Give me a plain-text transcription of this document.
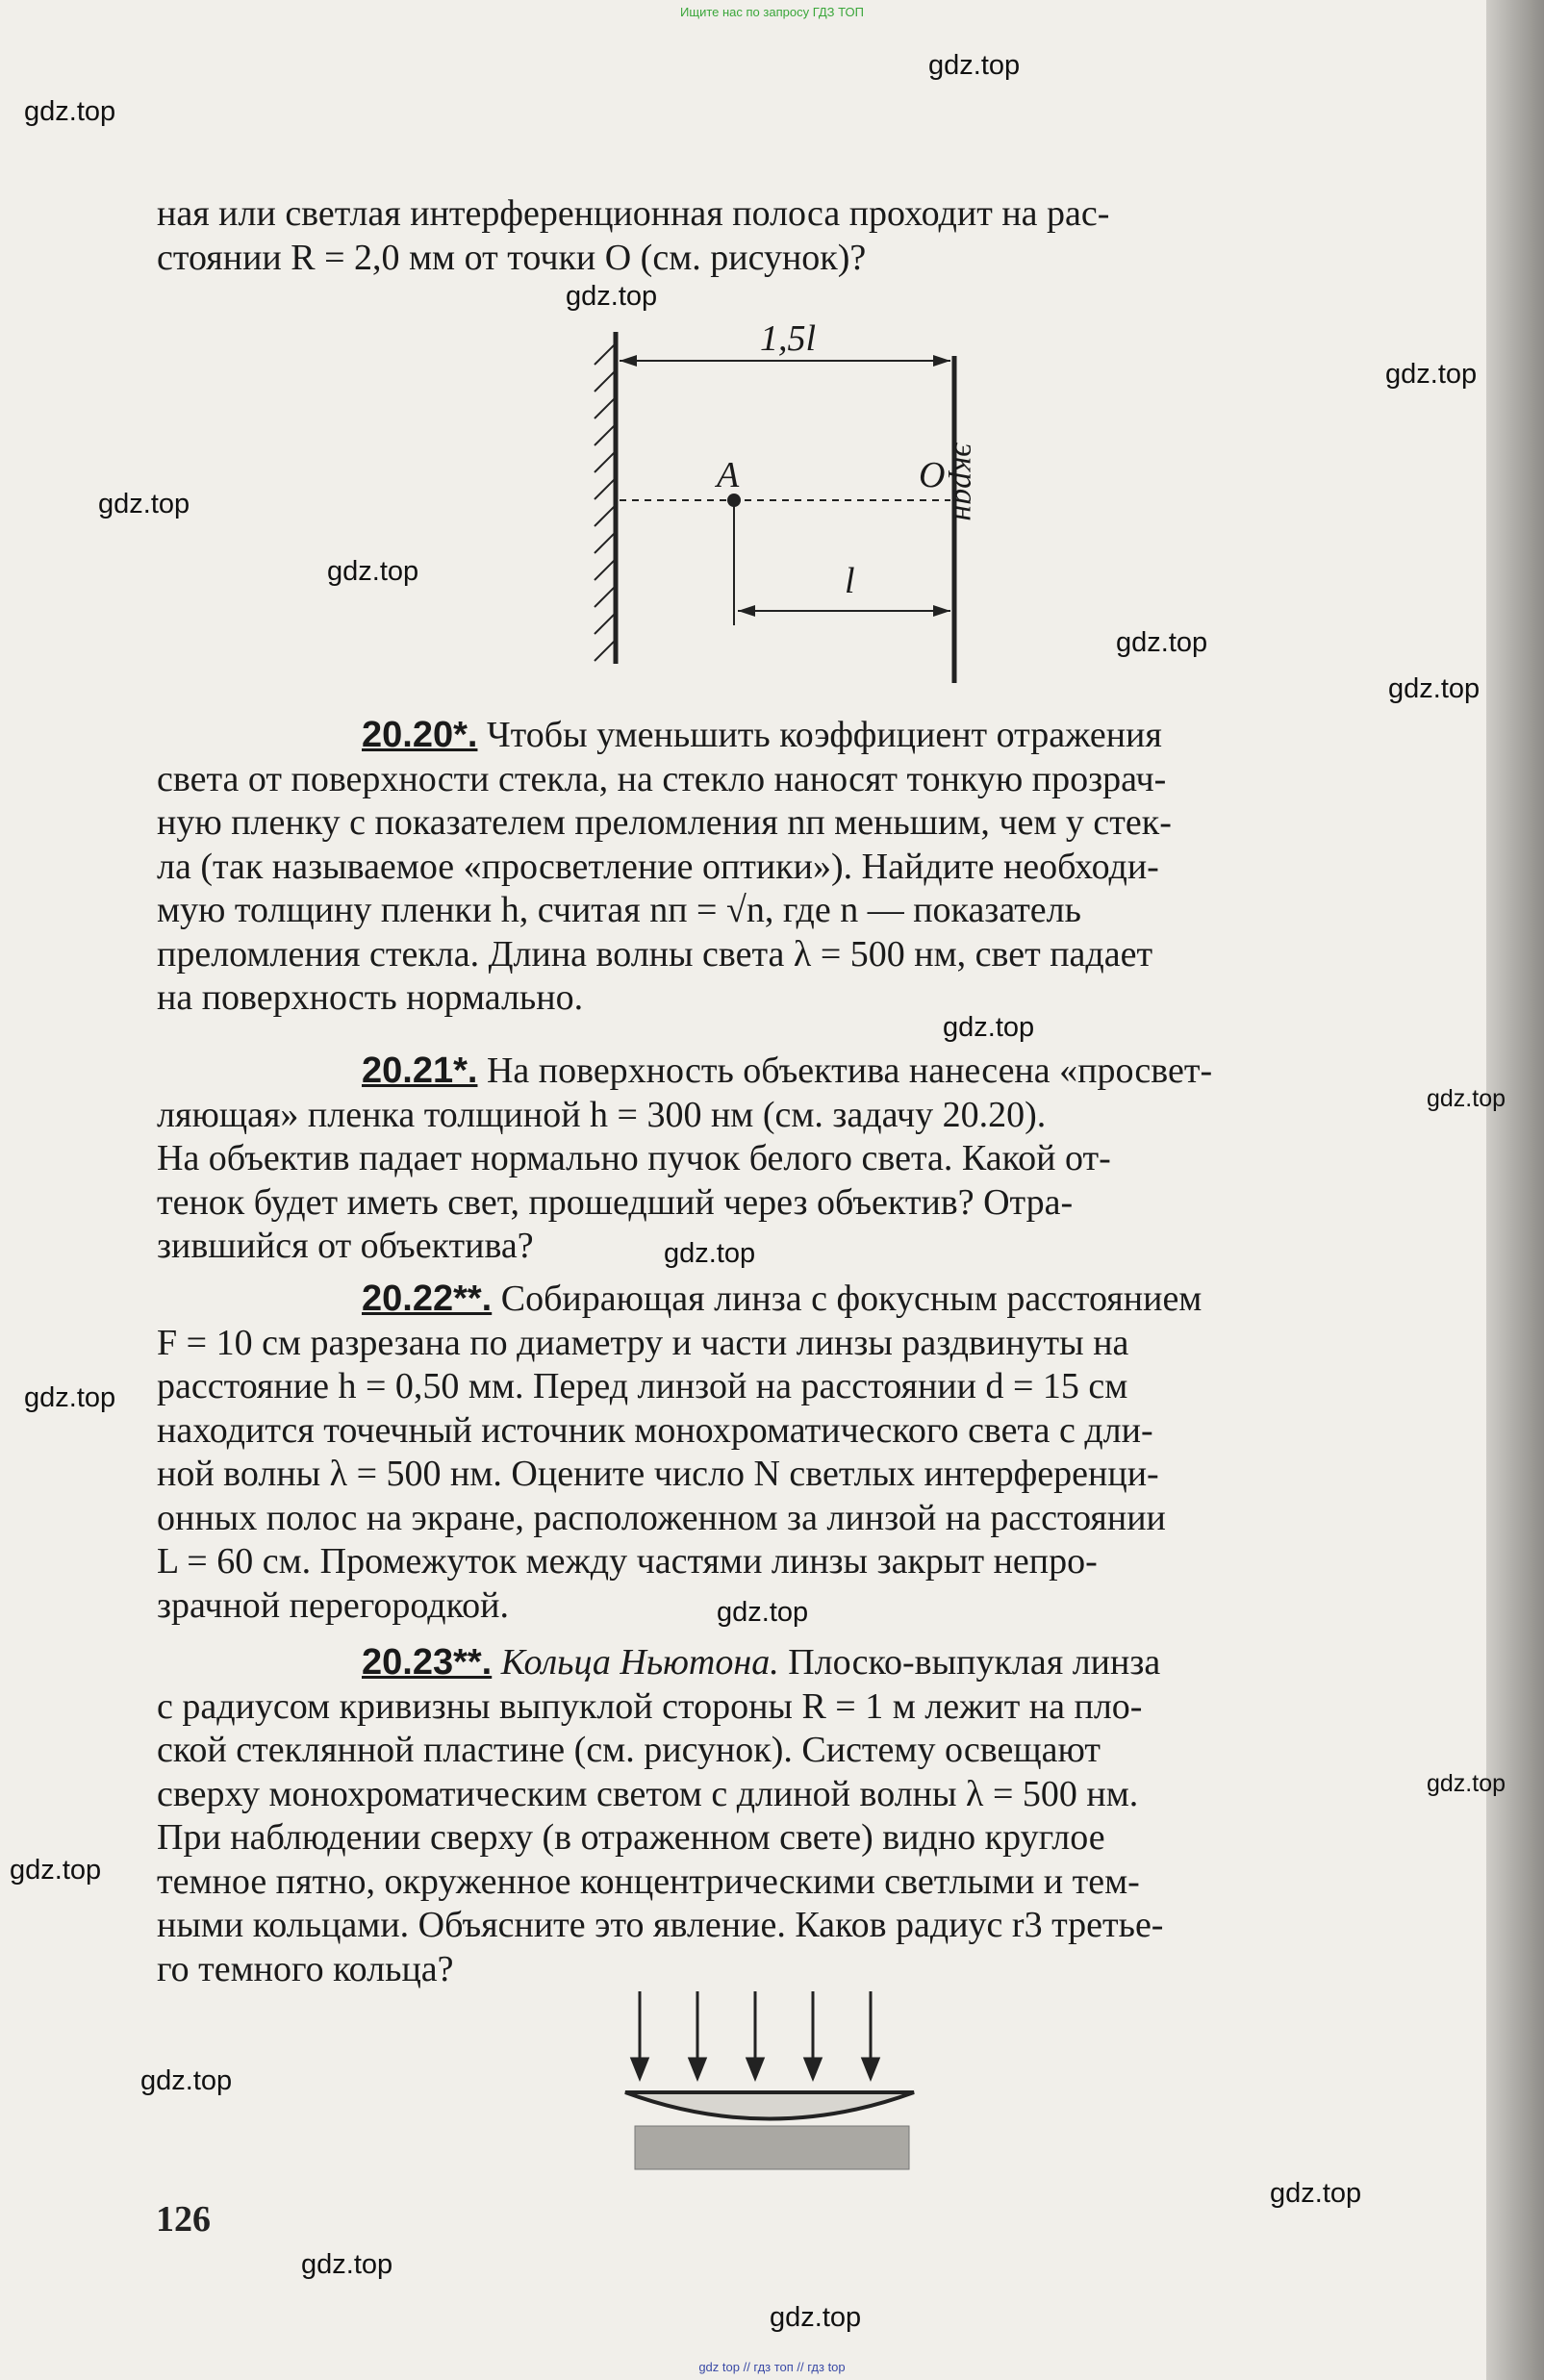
Ищите нас по запросу ГДЗ ТОП
gdz.top
gdz.top
gdz.top
gdz.top
gdz.top
gdz.top
gdz.top
gdz.top
gdz.top
gdz.top
gdz.top
gdz.top
gdz.top
gdz.top
gdz.top
gdz.top
gdz.top
gdz.top
gdz.top
ная или светлая интерференционная полоса проходит на рас-
стоянии R = 2,0 мм от точки O (см. рисунок)?
1,5l
A	O
l
экран
20.20*. Чтобы уменьшить коэффициент отражения
света от поверхности стекла, на стекло наносят тонкую прозрач-
ную пленку с показателем преломления nп меньшим, чем у стек-
ла (так называемое «просветление оптики»). Найдите необходи-
мую толщину пленки h, считая nп = √n, где n — показатель
преломления стекла. Длина волны света λ = 500 нм, свет падает
на поверхность нормально.
20.21*. На поверхность объектива нанесена «просвет-
ляющая» пленка толщиной h = 300 нм (см. задачу 20.20).
На объектив падает нормально пучок белого света. Какой от-
тенок будет иметь свет, прошедший через объектив? Отра-
зившийся от объектива?
20.22**. Собирающая линза с фокусным расстоянием
F = 10 см разрезана по диаметру и части линзы раздвинуты на
расстояние h = 0,50 мм. Перед линзой на расстоянии d = 15 см
находится точечный источник монохроматического света с дли-
ной волны λ = 500 нм. Оцените число N светлых интерференци-
онных полос на экране, расположенном за линзой на расстоянии
L = 60 см. Промежуток между частями линзы закрыт непро-
зрачной перегородкой.
20.23**. Кольца Ньютона. Плоско-выпуклая линза
с радиусом кривизны выпуклой стороны R = 1 м лежит на пло-
ской стеклянной пластине (см. рисунок). Систему освещают
сверху монохроматическим светом с длиной волны λ = 500 нм.
При наблюдении сверху (в отраженном свете) видно круглое
темное пятно, окруженное концентрическими светлыми и тем-
ными кольцами. Объясните это явление. Каков радиус r3 третье-
го темного кольца?
126
gdz top // гдз топ // гдз top
